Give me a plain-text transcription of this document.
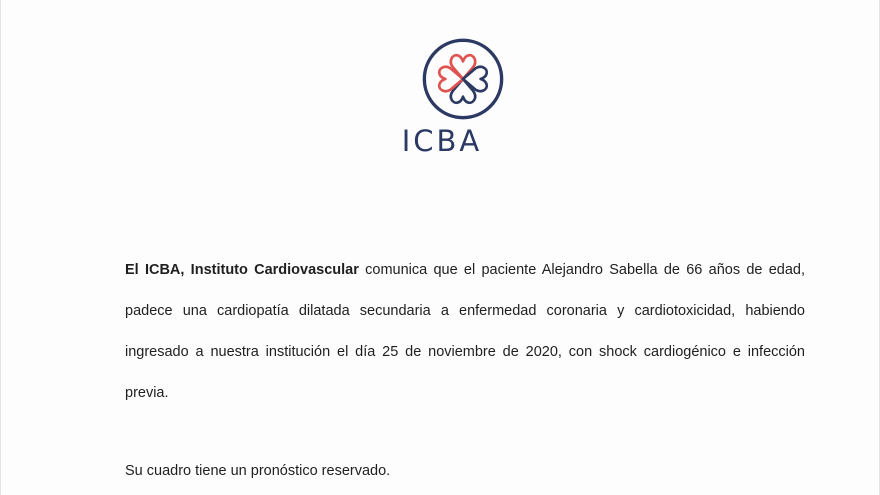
ICBA

El ICBA, Instituto Cardiovascular comunica que el paciente Alejandro Sabella de 66 años de edad, padece una cardiopatía dilatada secundaria a enfermedad coronaria y cardiotoxicidad, habiendo ingresado a nuestra institución el día 25 de noviembre de 2020, con shock cardiogénico e infección previa.

Su cuadro tiene un pronóstico reservado.
